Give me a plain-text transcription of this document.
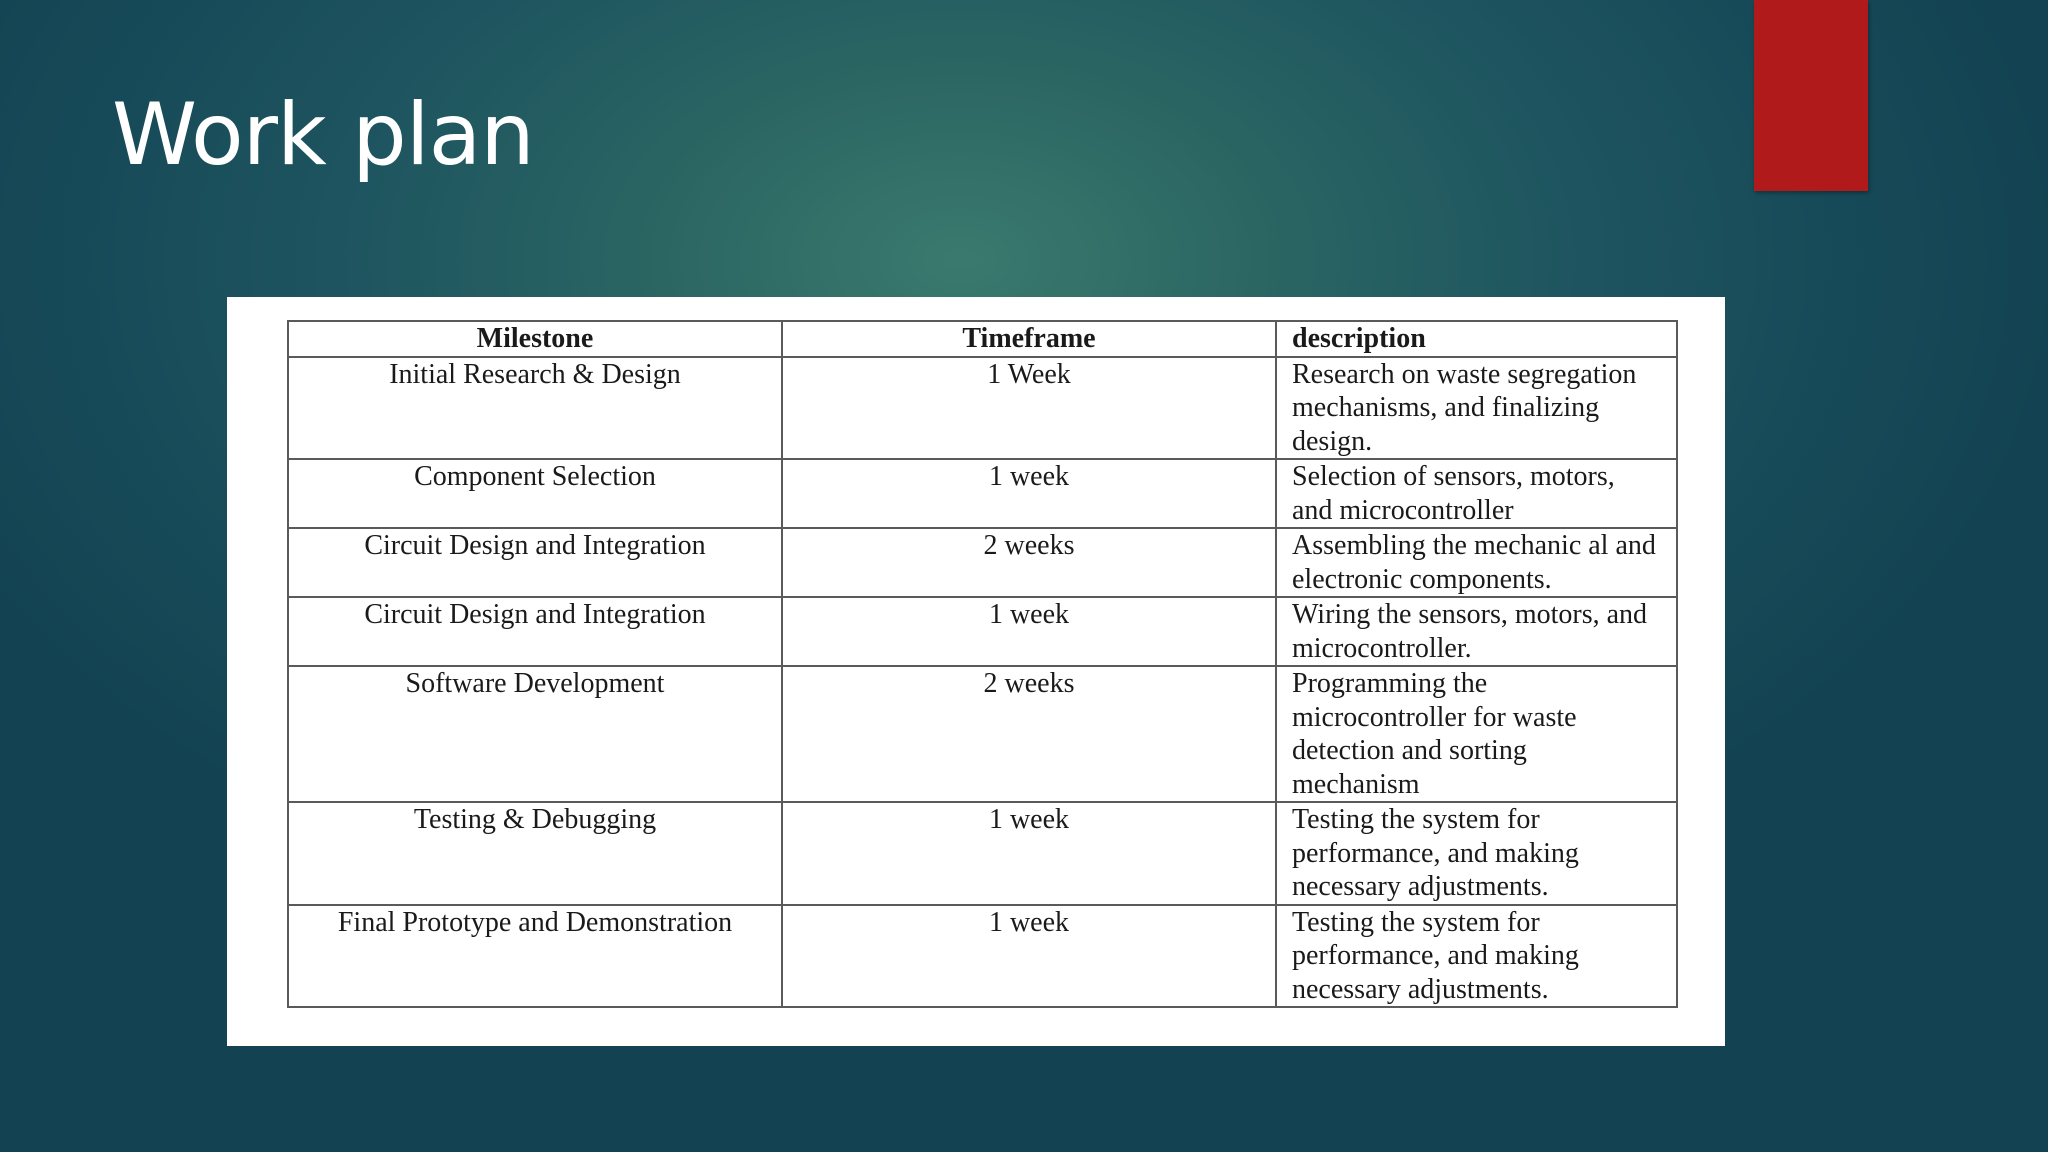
Work plan
Milestone	Timeframe	description
Initial Research & Design	1 Week	Research on waste segregation mechanisms, and finalizing design.
Component Selection	1 week	Selection of sensors, motors, and microcontroller
Circuit Design and Integration	2 weeks	Assembling the mechanic al and electronic components.
Circuit Design and Integration	1 week	Wiring the sensors, motors, and microcontroller.
Software Development	2 weeks	Programming the microcontroller for waste detection and sorting mechanism
Testing & Debugging	1 week	Testing the system for performance, and making necessary adjustments.
Final Prototype and Demonstration	1 week	Testing the system for performance, and making necessary adjustments.
